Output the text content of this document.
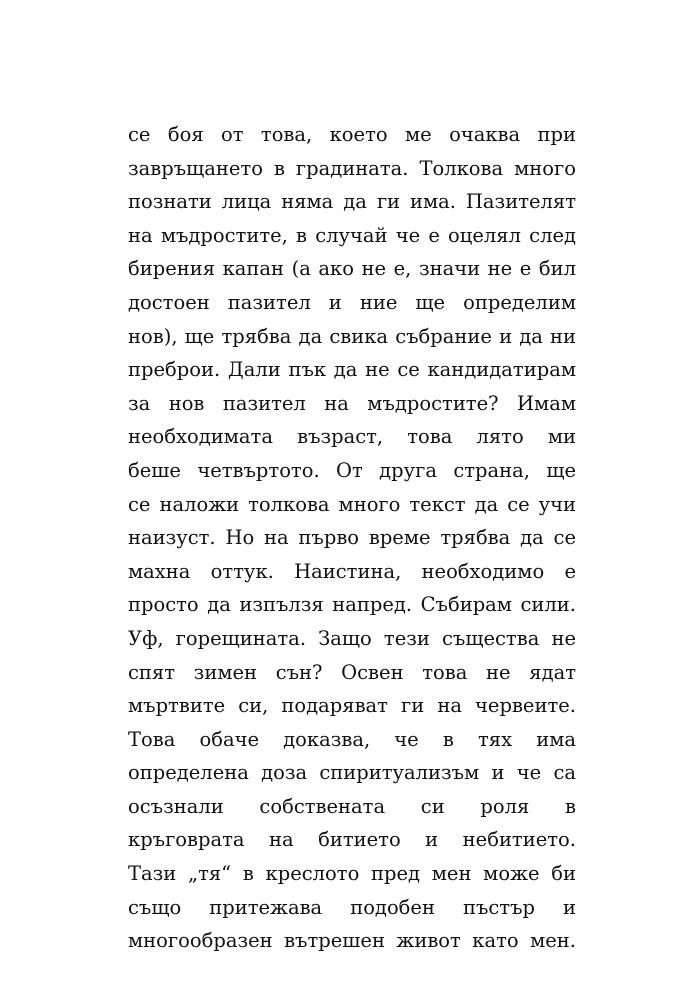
се боя от това, което ме очаква при
завръщането в градината. Толкова много
познати лица няма да ги има. Пазителят
на мъдростите, в случай че е оцелял след
бирения капан (а ако не е, значи не е бил
достоен пазител и ние ще определим
нов), ще трябва да свика събрание и да ни
преброи. Дали пък да не се кандидатирам
за нов пазител на мъдростите? Имам
необходимата възраст, това лято ми
беше четвъртото. От друга страна, ще
се наложи толкова много текст да се учи
наизуст. Но на първо време трябва да се
махна оттук. Наистина, необходимо е
просто да изпълзя напред. Събирам сили.
Уф, горещината. Защо тези същества не
спят зимен сън? Освен това не ядат
мъртвите си, подаряват ги на червеите.
Това обаче доказва, че в тях има
определена доза спиритуализъм и че са
осъзнали собствената си роля в
кръговрата на битието и небитието.
Тази „тя“ в креслото пред мен може би
също притежава подобен пъстър и
многообразен вътрешен живот като мен.
